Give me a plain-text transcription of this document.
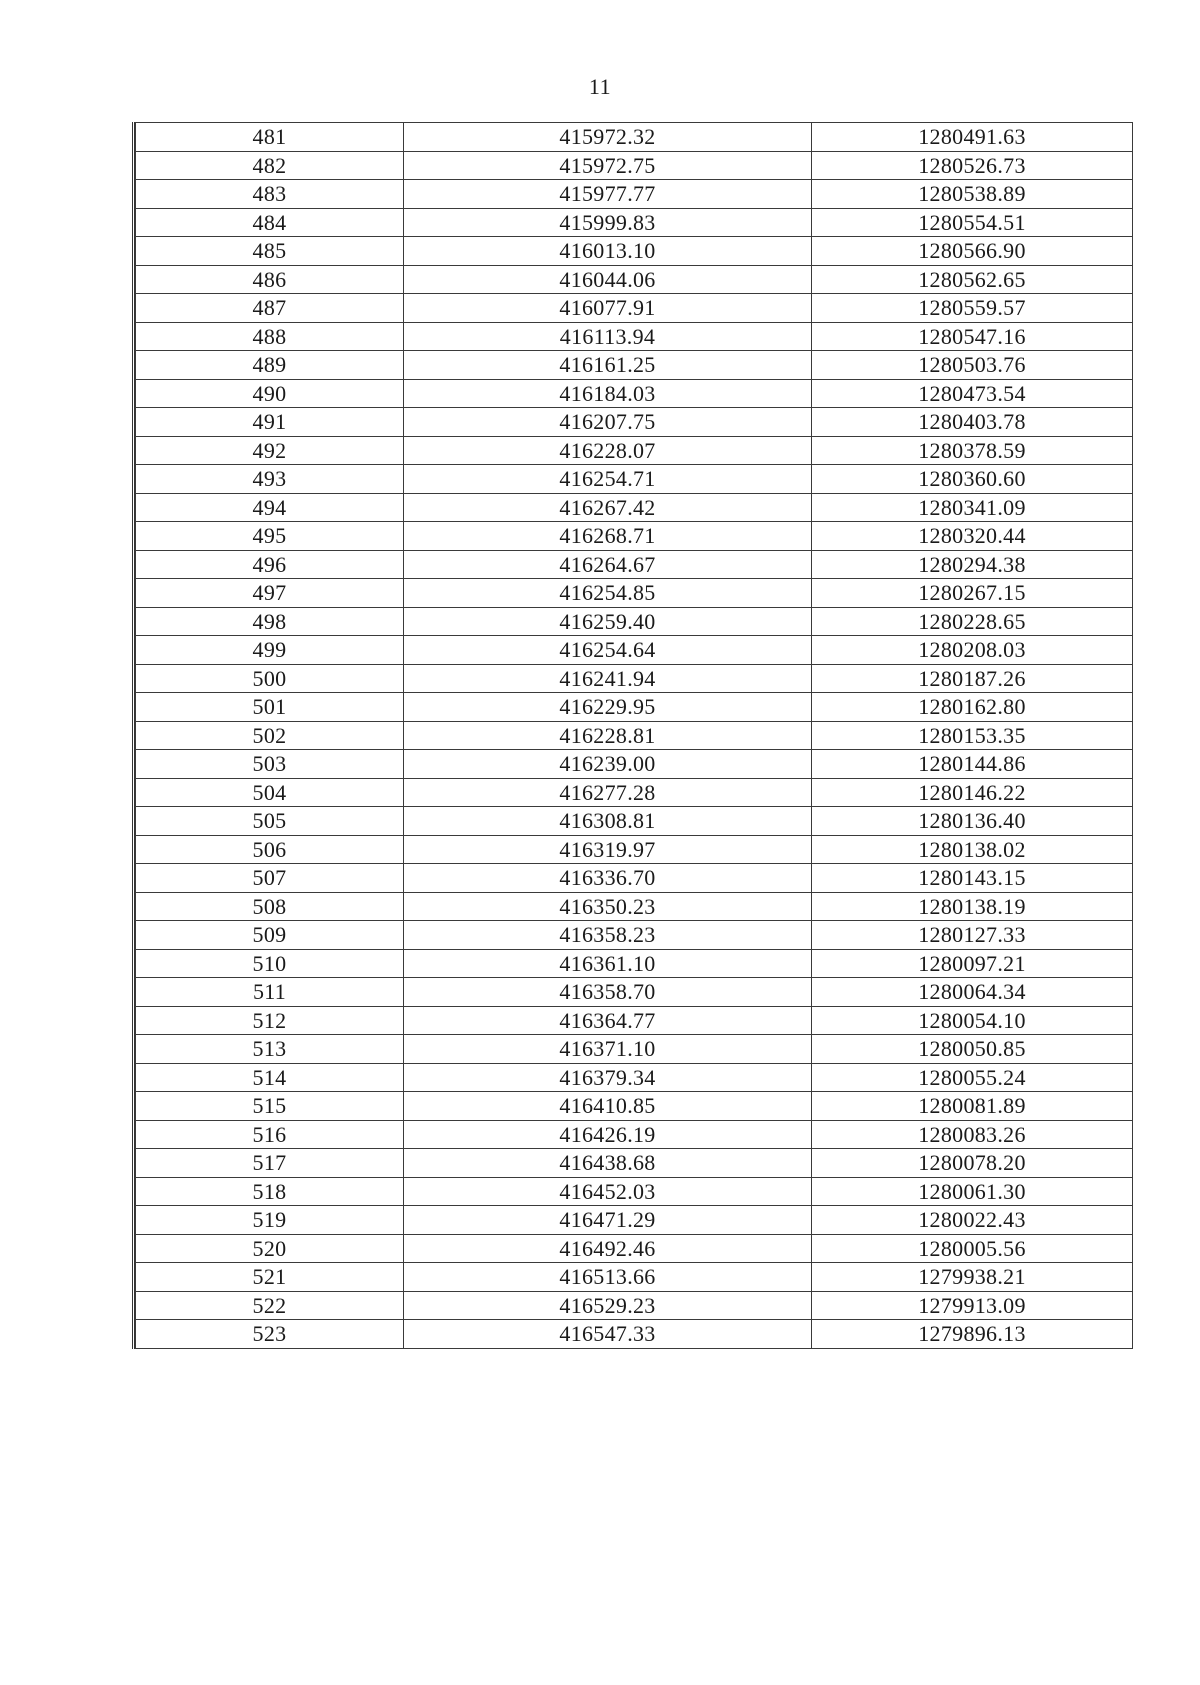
11
481	415972.32	1280491.63
482	415972.75	1280526.73
483	415977.77	1280538.89
484	415999.83	1280554.51
485	416013.10	1280566.90
486	416044.06	1280562.65
487	416077.91	1280559.57
488	416113.94	1280547.16
489	416161.25	1280503.76
490	416184.03	1280473.54
491	416207.75	1280403.78
492	416228.07	1280378.59
493	416254.71	1280360.60
494	416267.42	1280341.09
495	416268.71	1280320.44
496	416264.67	1280294.38
497	416254.85	1280267.15
498	416259.40	1280228.65
499	416254.64	1280208.03
500	416241.94	1280187.26
501	416229.95	1280162.80
502	416228.81	1280153.35
503	416239.00	1280144.86
504	416277.28	1280146.22
505	416308.81	1280136.40
506	416319.97	1280138.02
507	416336.70	1280143.15
508	416350.23	1280138.19
509	416358.23	1280127.33
510	416361.10	1280097.21
511	416358.70	1280064.34
512	416364.77	1280054.10
513	416371.10	1280050.85
514	416379.34	1280055.24
515	416410.85	1280081.89
516	416426.19	1280083.26
517	416438.68	1280078.20
518	416452.03	1280061.30
519	416471.29	1280022.43
520	416492.46	1280005.56
521	416513.66	1279938.21
522	416529.23	1279913.09
523	416547.33	1279896.13
